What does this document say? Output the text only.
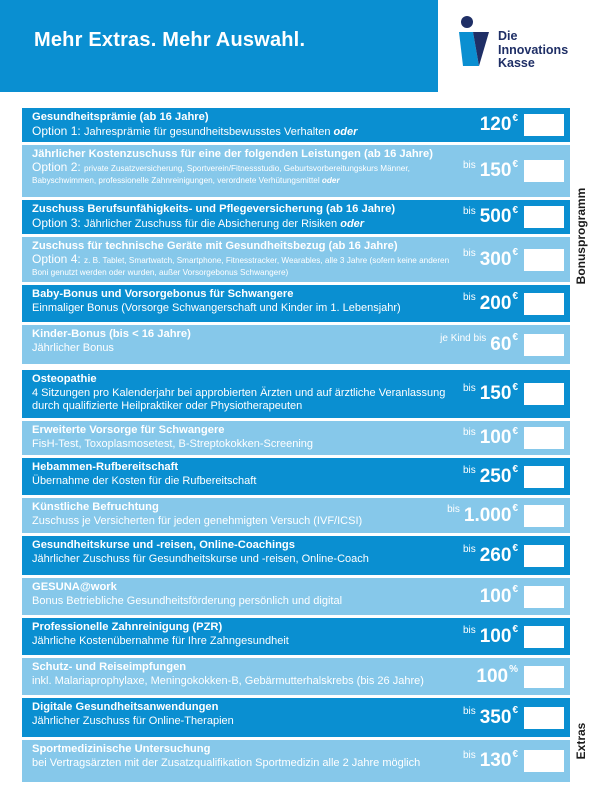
Mehr Extras. Mehr Auswahl.	Die
Innovations
Kasse
Gesundheitsprämie (ab 16 Jahre)
Option 1: Jahresprämie für gesundheitsbewusstes Verhalten oder	120 €
Jährlicher Kostenzuschuss für eine der folgenden Leistungen (ab 16 Jahre)
Option 2: private Zusatzversicherung, Sportverein/Fitnessstudio, Geburtsvorbereitungskurs Männer, Babyschwimmen, professionelle Zahnreinigungen, verordnete Verhütungsmittel oder
bis 150 €
Zuschuss Berufsunfähigkeits- und Pflegeversicherung (ab 16 Jahre)
Option 3: Jährlicher Zuschuss für die Absicherung der Risiken oder
bis 500 €
Zuschuss für technische Geräte mit Gesundheitsbezug (ab 16 Jahre)
Option 4: z. B. Tablet, Smartwatch, Smartphone, Fitnesstracker, Wearables, alle 3 Jahre (sofern keine anderen Boni genutzt werden oder wurden, außer Vorsorgebonus Schwangere)
bis 300 €
Baby-Bonus und Vorsorgebonus für Schwangere
Einmaliger Bonus (Vorsorge Schwangerschaft und Kinder im 1. Lebensjahr)
bis 200 €
Kinder-Bonus (bis < 16 Jahre)
Jährlicher Bonus
je Kind bis 60 €
Bonusprogramm
Osteopathie
4 Sitzungen pro Kalenderjahr bei approbierten Ärzten und auf ärztliche Veranlassung durch qualifizierte Heilpraktiker oder Physiotherapeuten
bis 150 €
Erweiterte Vorsorge für Schwangere
FisH-Test, Toxoplasmosetest, B-Streptokokken-Screening
bis 100 €
Hebammen-Rufbereitschaft
Übernahme der Kosten für die Rufbereitschaft
bis 250 €
Künstliche Befruchtung
Zuschuss je Versicherten für jeden genehmigten Versuch (IVF/ICSI)
bis 1.000 €
Gesundheitskurse und -reisen, Online-Coachings
Jährlicher Zuschuss für Gesundheitskurse und -reisen, Online-Coach
bis 260 €
GESUNA@work
Bonus Betriebliche Gesundheitsförderung persönlich und digital	100 €
Professionelle Zahnreinigung (PZR)
Jährliche Kostenübernahme für Ihre Zahngesundheit
bis 100 €
Schutz- und Reiseimpfungen
inkl. Malariaprophylaxe, Meningokokken-B, Gebärmutterhalskrebs (bis 26 Jahre)	100 %
Digitale Gesundheitsanwendungen
Jährlicher Zuschuss für Online-Therapien
bis 350 €
Sportmedizinische Untersuchung
bei Vertragsärzten mit der Zusatzqualifikation Sportmedizin alle 2 Jahre möglich
bis 130 €	Extras
